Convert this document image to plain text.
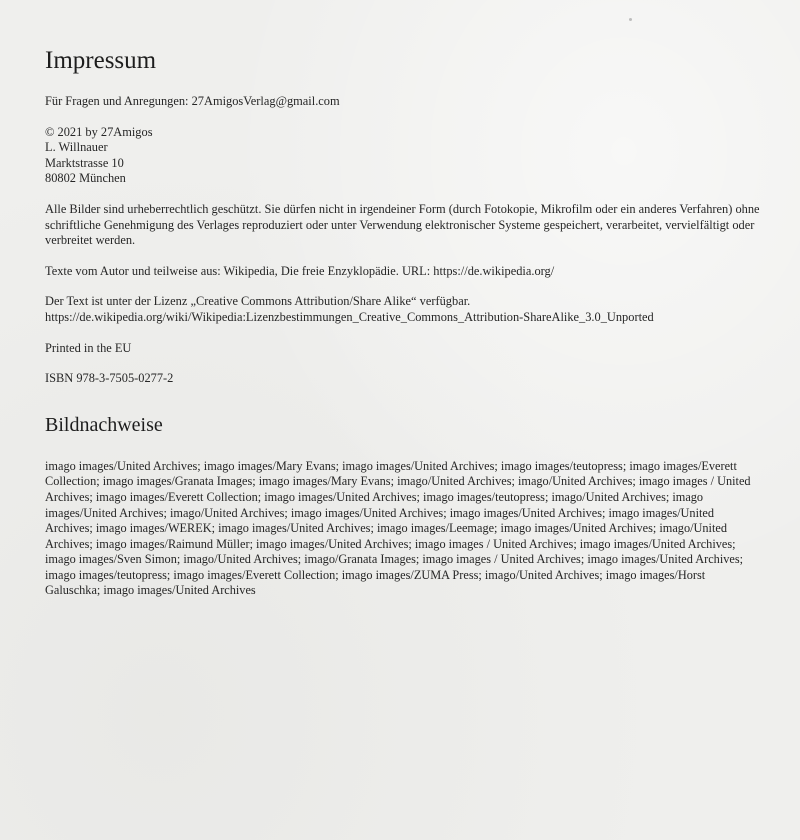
Impressum

Für Fragen und Anregungen: 27AmigosVerlag@gmail.com

© 2021 by 27Amigos
L. Willnauer
Marktstrasse 10
80802 München

Alle Bilder sind urheberrechtlich geschützt. Sie dürfen nicht in irgendeiner Form (durch Fotokopie, Mikrofilm oder ein anderes Verfahren) ohne schriftliche Genehmigung des Verlages reproduziert oder unter Verwendung elektronischer Systeme gespeichert, verarbeitet, vervielfältigt oder verbreitet werden.

Texte vom Autor und teilweise aus: Wikipedia, Die freie Enzyklopädie. URL: https://de.wikipedia.org/

Der Text ist unter der Lizenz „Creative Commons Attribution/Share Alike“ verfügbar. https://de.wikipedia.org/wiki/Wikipedia:Lizenzbestimmungen_Creative_Commons_Attribution-ShareAlike_3.0_Unported

Printed in the EU

ISBN 978-3-7505-0277-2

Bildnachweise

imago images/United Archives; imago images/Mary Evans; imago images/United Archives; imago images/teutopress; imago images/Everett Collection; imago images/Granata Images; imago images/Mary Evans; imago/United Archives; imago/United Archives; imago images / United Archives; imago images/Everett Collection; imago images/United Archives; imago images/teutopress; imago/United Archives; imago images/United Archives; imago/United Archives; imago images/United Archives; imago images/United Archives; imago images/United Archives; imago images/WEREK; imago images/United Archives; imago images/Leemage; imago images/United Archives; imago/United Archives; imago images/Raimund Müller; imago images/United Archives; imago images / United Archives; imago images/United Archives; imago images/Sven Simon; imago/United Archives; imago/Granata Images; imago images / United Archives; imago images/United Archives; imago images/teutopress; imago images/Everett Collection; imago images/ZUMA Press; imago/United Archives; imago images/Horst Galuschka; imago images/United Archives
